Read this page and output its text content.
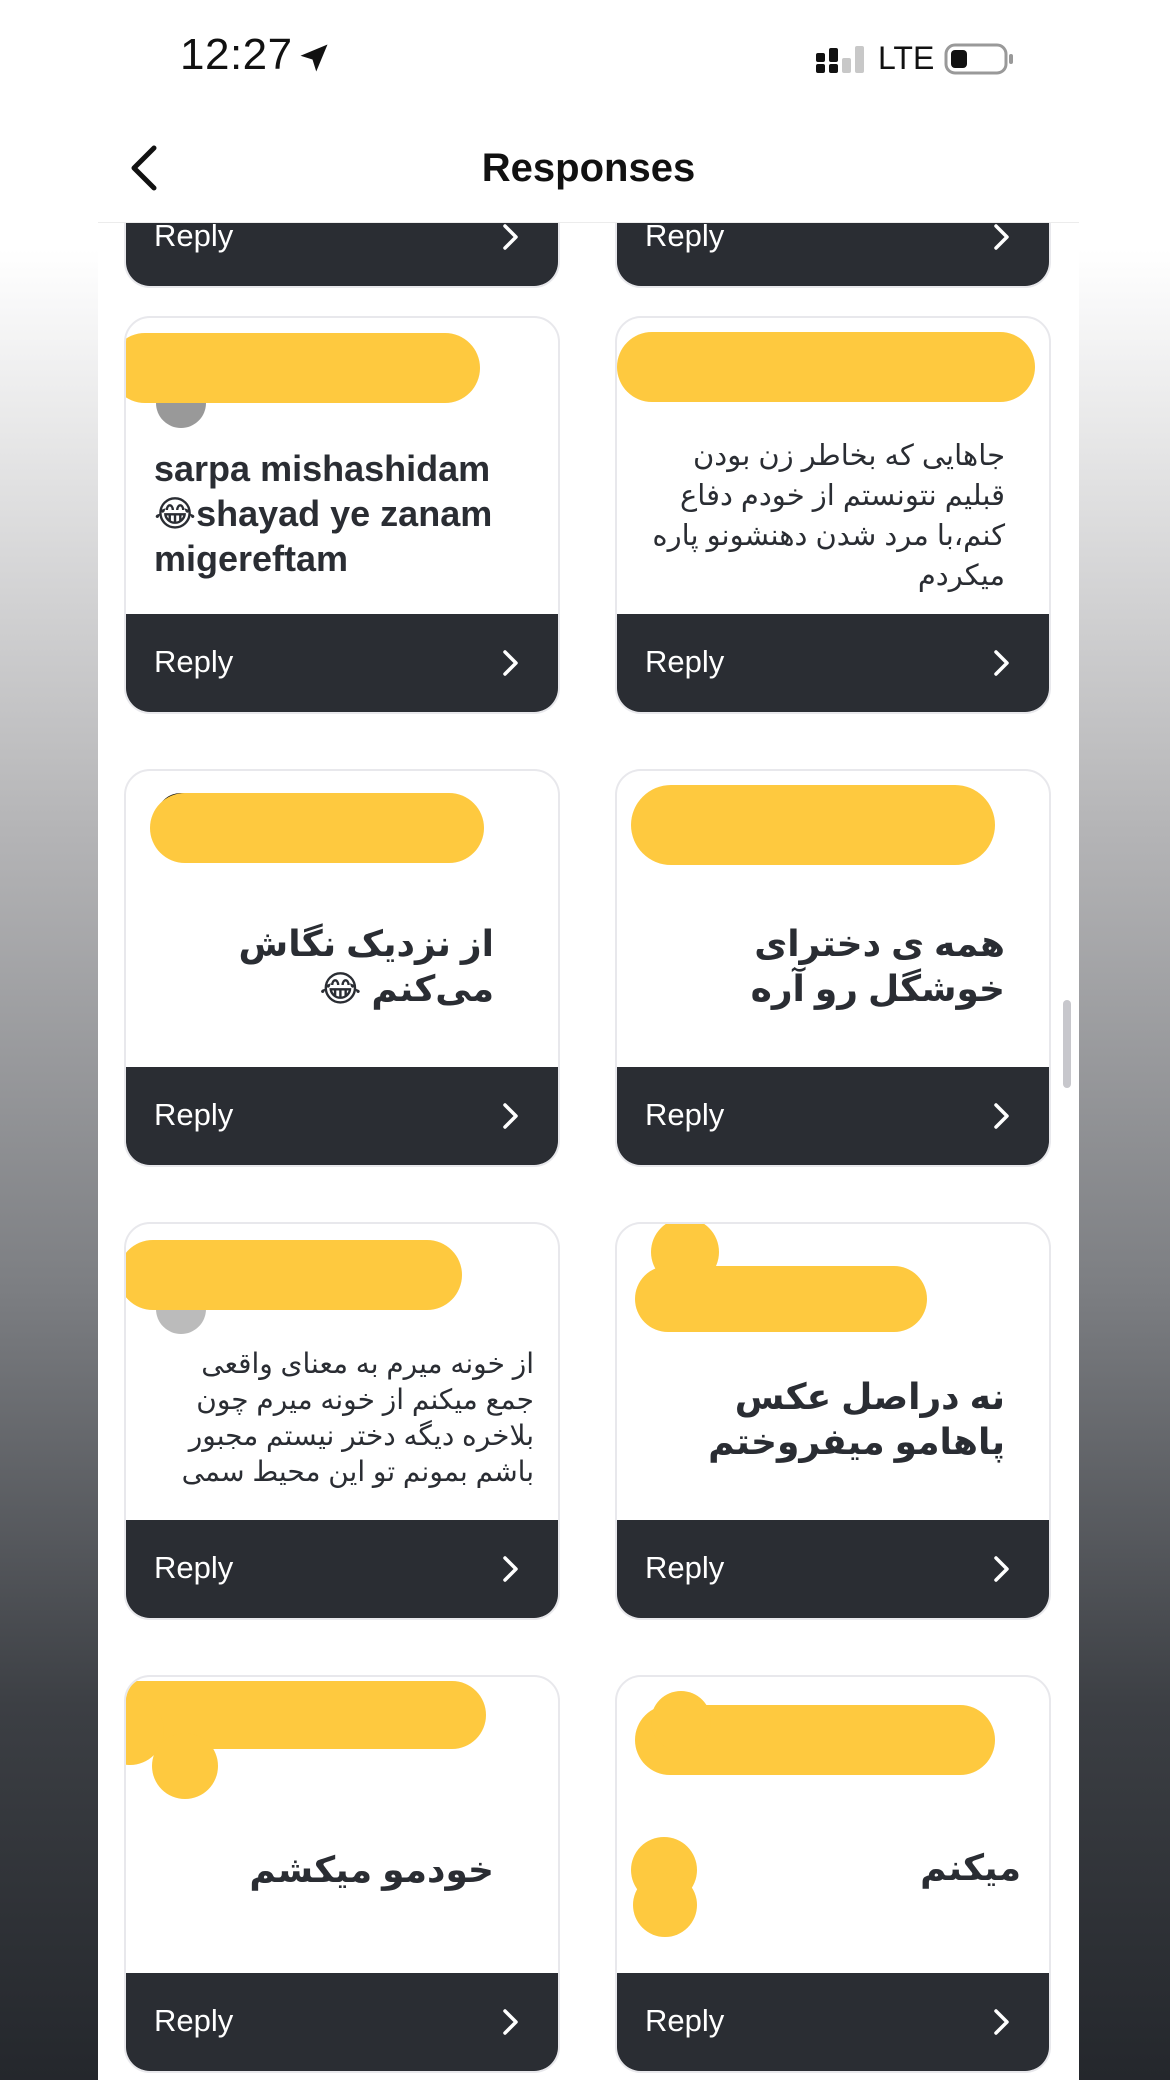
12:27	LTE
Responses
Reply	Reply
sarpa mishashidam 😂shayad ye zanam migereftam
Reply
جاهایی که بخاطر زن بودن قبلیم نتونستم از خودم دفاع کنم،با مرد شدن دهنشونو پاره میکردم
Reply
از نزدیک نگاش می‌کنم 😂
Reply
همه ی دخترای خوشگل رو آره
Reply
از خونه میرم به معنای واقعی جمع میکنم از خونه میرم چون بلاخره دیگه دختر نیستم مجبور باشم بمونم تو این محیط سمی
Reply
نه دراصل عکس پاهامو میفروختم
Reply
خودمو میکشم
Reply
میکنم
Reply
